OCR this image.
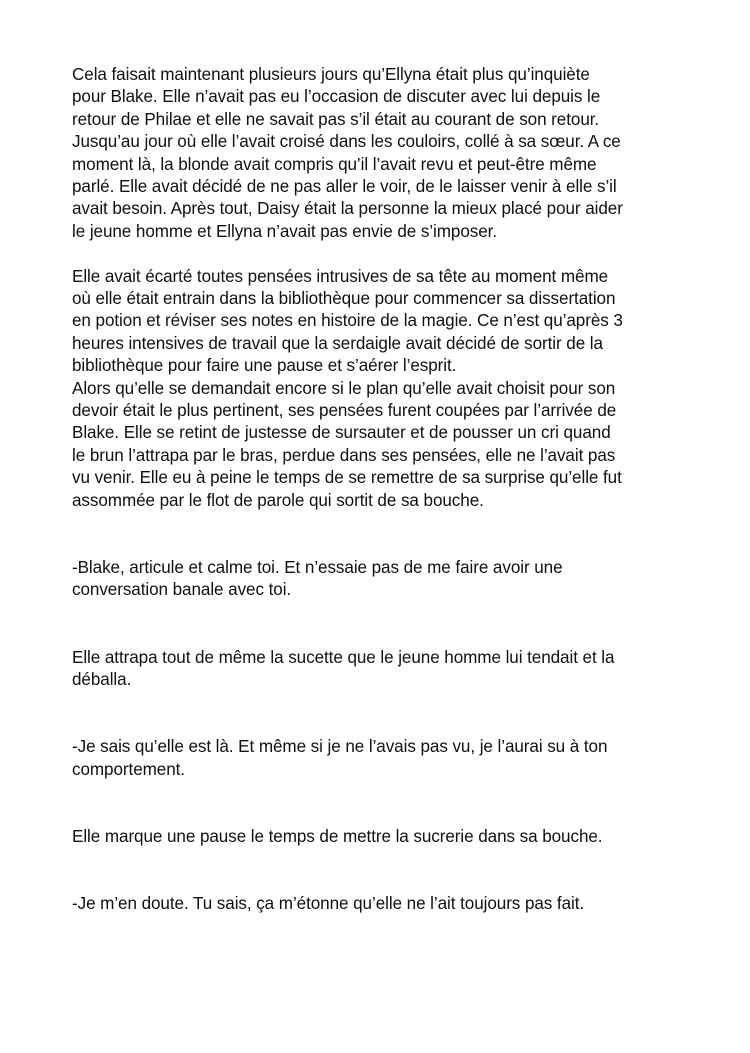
Cela faisait maintenant plusieurs jours qu’Ellyna était plus qu’inquiète
pour Blake. Elle n’avait pas eu l’occasion de discuter avec lui depuis le
retour de Philae et elle ne savait pas s’il était au courant de son retour.
Jusqu’au jour où elle l’avait croisé dans les couloirs, collé à sa sœur. A ce
moment là, la blonde avait compris qu’il l’avait revu et peut-être même
parlé. Elle avait décidé de ne pas aller le voir, de le laisser venir à elle s’il
avait besoin. Après tout, Daisy était la personne la mieux placé pour aider
le jeune homme et Ellyna n’avait pas envie de s’imposer.

Elle avait écarté toutes pensées intrusives de sa tête au moment même
où elle était entrain dans la bibliothèque pour commencer sa dissertation
en potion et réviser ses notes en histoire de la magie. Ce n’est qu’après 3
heures intensives de travail que la serdaigle avait décidé de sortir de la
bibliothèque pour faire une pause et s’aérer l’esprit.

Alors qu’elle se demandait encore si le plan qu’elle avait choisit pour son
devoir était le plus pertinent, ses pensées furent coupées par l’arrivée de
Blake. Elle se retint de justesse de sursauter et de pousser un cri quand
le brun l’attrapa par le bras, perdue dans ses pensées, elle ne l’avait pas
vu venir. Elle eu à peine le temps de se remettre de sa surprise qu’elle fut
assommée par le flot de parole qui sortit de sa bouche.

-Blake, articule et calme toi. Et n’essaie pas de me faire avoir une
conversation banale avec toi.

Elle attrapa tout de même la sucette que le jeune homme lui tendait et la
déballa.

-Je sais qu’elle est là. Et même si je ne l’avais pas vu, je l’aurai su à ton
comportement.

Elle marque une pause le temps de mettre la sucrerie dans sa bouche.

-Je m’en doute. Tu sais, ça m’étonne qu’elle ne l’ait toujours pas fait.
